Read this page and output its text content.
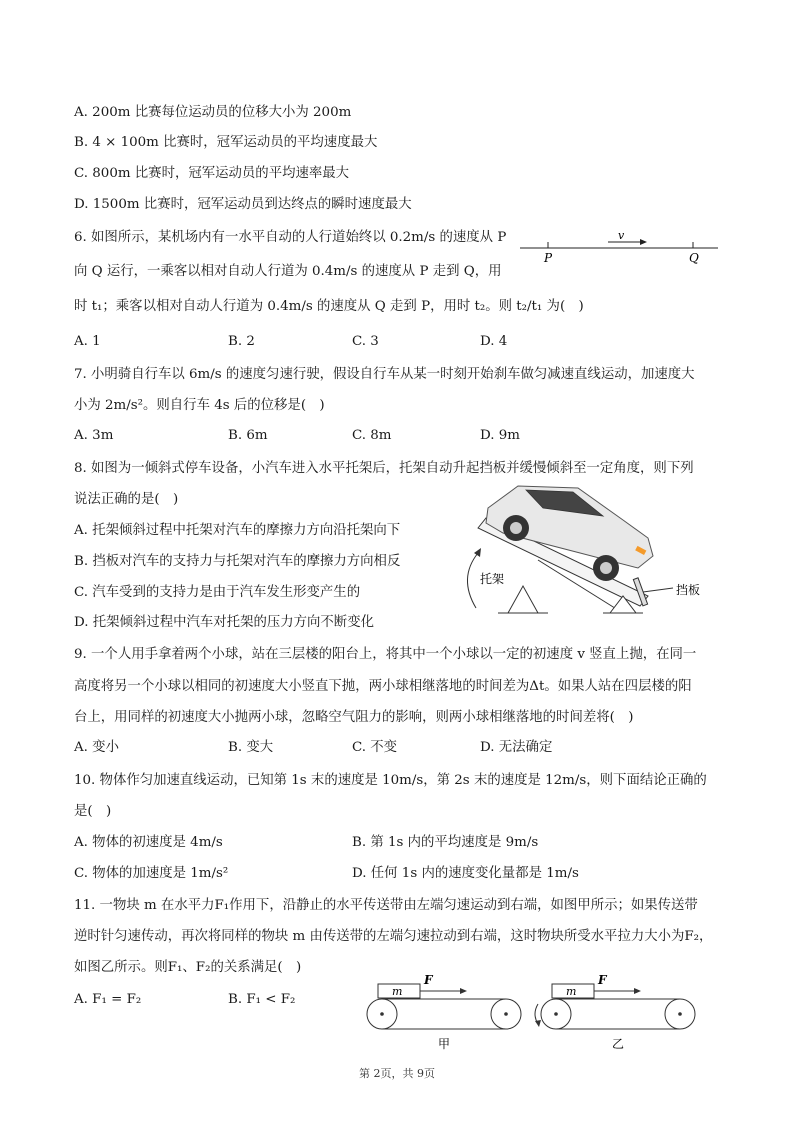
A. 200m 比赛每位运动员的位移大小为 200m
B. 4 × 100m 比赛时，冠军运动员的平均速度最大
C. 800m 比赛时，冠军运动员的平均速率最大
D. 1500m 比赛时，冠军运动员到达终点的瞬时速度最大
6. 如图所示，某机场内有一水平自动的人行道始终以 0.2m/s 的速度从 P
向 Q 运行，一乘客以相对自动人行道为 0.4m/s 的速度从 P 走到 Q，用
时 t₁；乘客以相对自动人行道为 0.4m/s 的速度从 Q 走到 P，用时 t₂。则 t₂/t₁ 为(　)
v
P	Q
A. 1	B. 2	C. 3	D. 4
7. 小明骑自行车以 6m/s 的速度匀速行驶，假设自行车从某一时刻开始刹车做匀减速直线运动，加速度大
小为 2m/s²。则自行车 4s 后的位移是(　)
A. 3m	B. 6m	C. 8m	D. 9m
8. 如图为一倾斜式停车设备，小汽车进入水平托架后，托架自动升起挡板并缓慢倾斜至一定角度，则下列
说法正确的是(　)
A. 托架倾斜过程中托架对汽车的摩擦力方向沿托架向下
B. 挡板对汽车的支持力与托架对汽车的摩擦力方向相反
C. 汽车受到的支持力是由于汽车发生形变产生的
D. 托架倾斜过程中汽车对托架的压力方向不断变化
托架
挡板
9. 一个人用手拿着两个小球，站在三层楼的阳台上，将其中一个小球以一定的初速度 v 竖直上抛，在同一
高度将另一个小球以相同的初速度大小竖直下抛，两小球相继落地的时间差为Δt。如果人站在四层楼的阳
台上，用同样的初速度大小抛两小球，忽略空气阻力的影响，则两小球相继落地的时间差将(　)
A. 变小	B. 变大	C. 不变	D. 无法确定
10. 物体作匀加速直线运动，已知第 1s 末的速度是 10m/s，第 2s 末的速度是 12m/s，则下面结论正确的
是(　)
A. 物体的初速度是 4m/s	B. 第 1s 内的平均速度是 9m/s
C. 物体的加速度是 1m/s²	D. 任何 1s 内的速度变化量都是 1m/s
11. 一物块 m 在水平力F₁作用下，沿静止的水平传送带由左端匀速运动到右端，如图甲所示；如果传送带
逆时针匀速传动，再次将同样的物块 m 由传送带的左端匀速拉动到右端，这时物块所受水平拉力大小为F₂，
如图乙所示。则F₁、F₂的关系满足(　)
A. F₁ = F₂	B. F₁ < F₂
m
F
甲
m
F
乙
第 2页，共 9页
